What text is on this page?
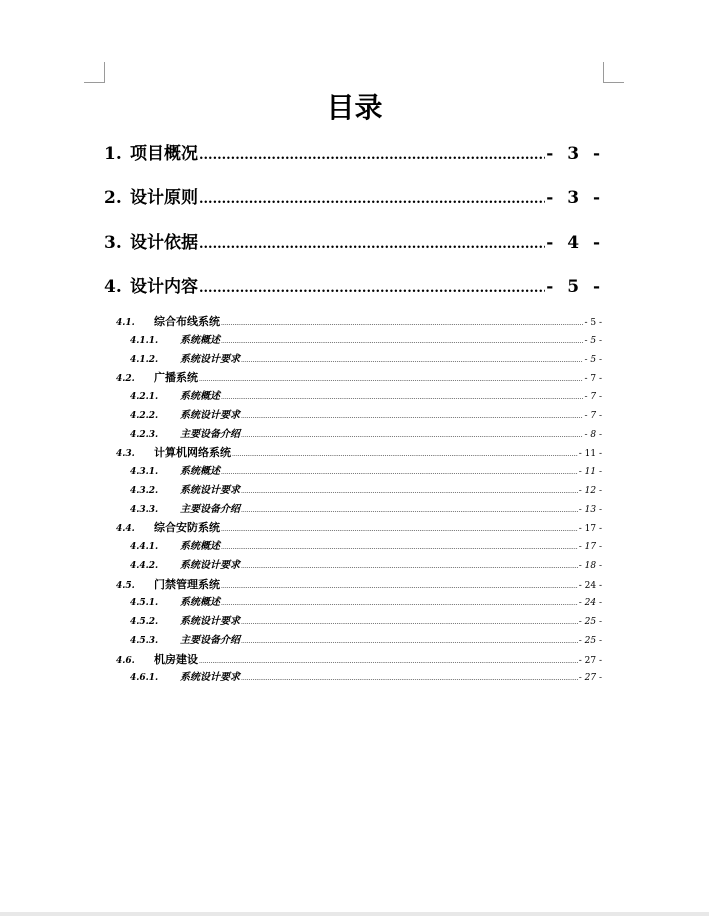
目录
1. 项目概况 .....	- 3 -
2. 设计原则 .....	- 3 -
3. 设计依据 .....	- 4 -
4. 设计内容 .....	- 5 -
4.1.	综合布线系统 .....	- 5 -
4.1.1.	系统概述 .....	- 5 -
4.1.2.	系统设计要求 .....	- 5 -
4.2.	广播系统 .....	- 7 -
4.2.1.	系统概述 .....	- 7 -
4.2.2.	系统设计要求 .....	- 7 -
4.2.3.	主要设备介绍 .....	- 8 -
4.3.	计算机网络系统 .....	- 11 -
4.3.1.	系统概述 .....	- 11 -
4.3.2.	系统设计要求 .....	- 12 -
4.3.3.	主要设备介绍 .....	- 13 -
4.4.	综合安防系统 .....	- 17 -
4.4.1.	系统概述 .....	- 17 -
4.4.2.	系统设计要求 .....	- 18 -
4.5.	门禁管理系统 .....	- 24 -
4.5.1.	系统概述 .....	- 24 -
4.5.2.	系统设计要求 .....	- 25 -
4.5.3.	主要设备介绍 .....	- 25 -
4.6.	机房建设 .....	- 27 -
4.6.1.	系统设计要求 .....	- 27 -
